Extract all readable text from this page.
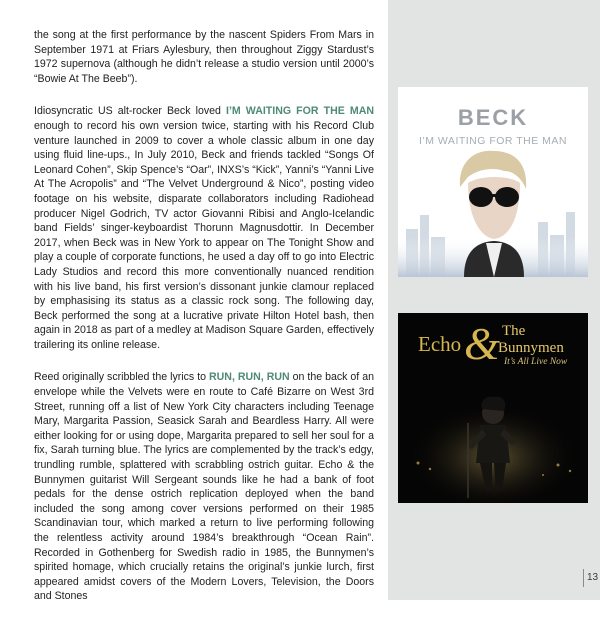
the song at the first performance by the nascent Spiders From Mars in September 1971 at Friars Aylesbury, then throughout Ziggy Stardust’s 1972 supernova (although he didn’t release a studio version until 2000’s “Bowie At The Beeb”).

Idiosyncratic US alt-rocker Beck loved I’M WAITING FOR THE MAN enough to record his own version twice, starting with his Record Club venture launched in 2009 to cover a whole classic album in one day using fluid line-ups., In July 2010, Beck and friends tackled “Songs Of Leonard Cohen”, Skip Spence’s “Oar”, INXS’s “Kick”, Yanni’s “Yanni Live At The Acropolis” and “The Velvet Underground & Nico”, posting video footage on his website, disparate collaborators including Radiohead producer Nigel Godrich, TV actor Giovanni Ribisi and Anglo-Icelandic band Fields’ singer-keyboardist Thorunn Magnusdottir. In December 2017, when Beck was in New York to appear on The Tonight Show and play a couple of corporate functions, he used a day off to go into Electric Lady Studios and record this more conventionally nuanced rendition with his live band, his first version’s dissonant junkie clamour replaced by emphasising its status as a classic rock song. The following day, Beck performed the song at a lucrative private Hilton Hotel bash, then again in 2018 as part of a medley at Madison Square Garden, effectively trailering its online release.

Reed originally scribbled the lyrics to RUN, RUN, RUN on the back of an envelope while the Velvets were en route to Café Bizarre on West 3rd Street, running off a list of New York City characters including Teenage Mary, Margarita Passion, Seasick Sarah and Beardless Harry. All were either looking for or using dope, Margarita prepared to sell her soul for a fix, Sarah turning blue. The lyrics are complemented by the track’s edgy, trundling rumble, splattered with scrabbling ostrich guitar. Echo & the Bunnymen guitarist Will Sergeant sounds like he had a bank of foot pedals for the dense ostrich replication deployed when the band included the song among cover versions performed on their 1985 Scandinavian tour, which marked a return to live performing following the relentless activity around 1984’s breakthrough “Ocean Rain”. Recorded in Gothenberg for Swedish radio in 1985, the Bunnymen’s spirited homage, which crucially retains the original’s junkie lurch, first appeared amidst covers of the Modern Lovers, Television, the Doors and Stones

BECK
I’M WAITING FOR THE MAN
Echo & The
Bunnymen
It’s All Live Now
13
